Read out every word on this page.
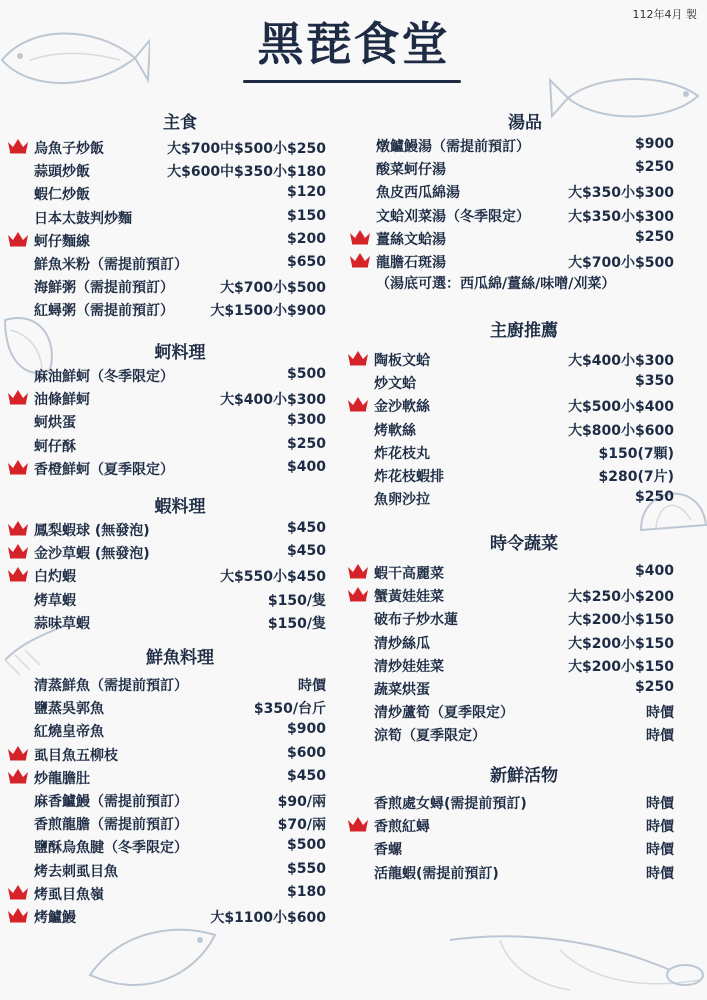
112年4月 製
黑琵食堂
主食
烏魚子炒飯	大$700中$500小$250
蒜頭炒飯	大$600中$350小$180
蝦仁炒飯	$120
日本太鼓判炒麵	$150
蚵仔麵線	$200
鮮魚米粉（需提前預訂）	$650
海鮮粥（需提前預訂）	大$700小$500
紅蟳粥（需提前預訂）	大$1500小$900
蚵料理
麻油鮮蚵（冬季限定）	$500
油條鮮蚵	大$400小$300
蚵烘蛋	$300
蚵仔酥	$250
香橙鮮蚵（夏季限定）	$400
蝦料理
鳳梨蝦球 (無發泡)	$450
金沙草蝦 (無發泡)	$450
白灼蝦	大$550小$450
烤草蝦	$150/隻
蒜味草蝦	$150/隻
鮮魚料理
清蒸鮮魚（需提前預訂）	時價
鹽蒸吳郭魚	$350/台斤
紅燒皇帝魚	$900
虱目魚五柳枝	$600
炒龍膽肚	$450
麻香鱸鰻（需提前預訂）	$90/兩
香煎龍膽（需提前預訂）	$70/兩
鹽酥烏魚腱（冬季限定）	$500
烤去刺虱目魚	$550
烤虱目魚嶺	$180
烤鱸鰻	大$1100小$600
湯品
燉鱸鰻湯（需提前預訂）	$900
酸菜蚵仔湯	$250
魚皮西瓜綿湯	大$350小$300
文蛤刈菜湯（冬季限定）	大$350小$300
薑絲文蛤湯	$250
龍膽石斑湯	大$700小$500
（湯底可選：西瓜綿/薑絲/味噌/刈菜）
主廚推薦
陶板文蛤	大$400小$300
炒文蛤	$350
金沙軟絲	大$500小$400
烤軟絲	大$800小$600
炸花枝丸	$150(7顆)
炸花枝蝦排	$280(7片)
魚卵沙拉	$250
時令蔬菜
蝦干高麗菜	$400
蟹黃娃娃菜	大$250小$200
破布子炒水蓮	大$200小$150
清炒絲瓜	大$200小$150
清炒娃娃菜	大$200小$150
蔬菜烘蛋	$250
清炒蘆筍（夏季限定）	時價
涼筍（夏季限定）	時價
新鮮活物
香煎處女蟳(需提前預訂)	時價
香煎紅蟳	時價
香螺	時價
活龍蝦(需提前預訂)	時價
